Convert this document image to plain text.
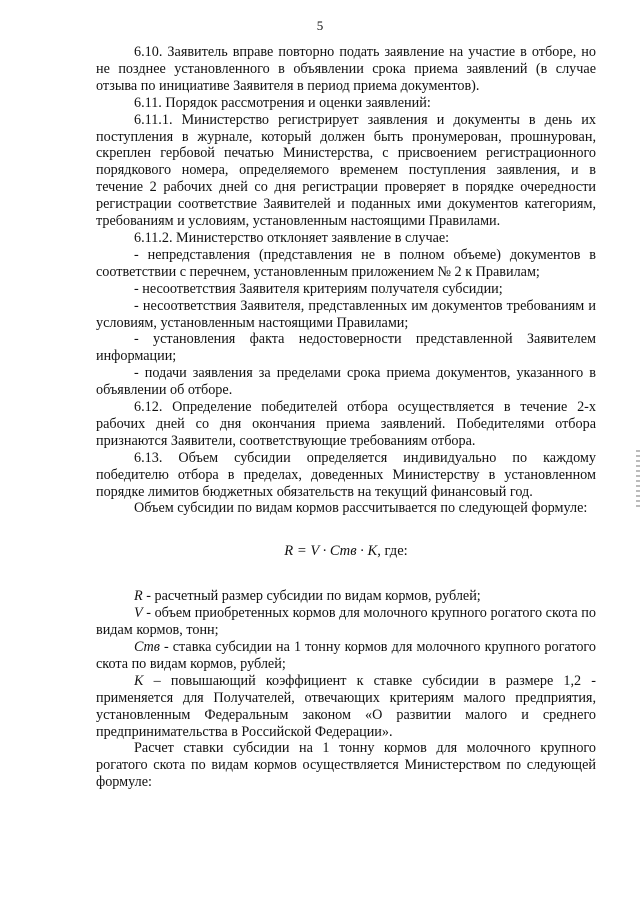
5

6.10. Заявитель вправе повторно подать заявление на участие в отборе, но не позднее установленного в объявлении срока приема заявлений (в случае отзыва по инициативе Заявителя в период приема документов).

6.11. Порядок рассмотрения и оценки заявлений:

6.11.1. Министерство регистрирует заявления и документы в день их поступления в журнале, который должен быть пронумерован, прошнурован, скреплен гербовой печатью Министерства, с присвоением регистрационного порядкового номера, определяемого временем поступления заявления, и в течение 2 рабочих дней со дня регистрации проверяет в порядке очередности регистрации соответствие Заявителей и поданных ими документов категориям, требованиям и условиям, установленным настоящими Правилами.

6.11.2. Министерство отклоняет заявление в случае:

- непредставления (представления не в полном объеме) документов в соответствии с перечнем, установленным приложением № 2 к Правилам;

- несоответствия Заявителя критериям получателя субсидии;

- несоответствия Заявителя, представленных им документов требованиям и условиям, установленным настоящими Правилами;

- установления факта недостоверности представленной Заявителем информации;

- подачи заявления за пределами срока приема документов, указанного в объявлении об отборе.

6.12. Определение победителей отбора осуществляется в течение 2-х рабочих дней со дня окончания приема заявлений. Победителями отбора признаются Заявители, соответствующие требованиям отбора.

6.13. Объем субсидии определяется индивидуально по каждому победителю отбора в пределах, доведенных Министерству в установленном порядке лимитов бюджетных обязательств на текущий финансовый год.

Объем субсидии по видам кормов рассчитывается по следующей формуле:

R = V · Cтв · K, где:

R - расчетный размер субсидии по видам кормов, рублей;

V - объем приобретенных кормов для молочного крупного рогатого скота по видам кормов, тонн;

Cтв - ставка субсидии на 1 тонну кормов для молочного крупного рогатого скота по видам кормов, рублей;

K – повышающий коэффициент к ставке субсидии в размере 1,2 - применяется для Получателей, отвечающих критериям малого предприятия, установленным Федеральным законом «О развитии малого и среднего предпринимательства в Российской Федерации».

Расчет ставки субсидии на 1 тонну кормов для молочного крупного рогатого скота по видам кормов осуществляется Министерством по следующей формуле:
